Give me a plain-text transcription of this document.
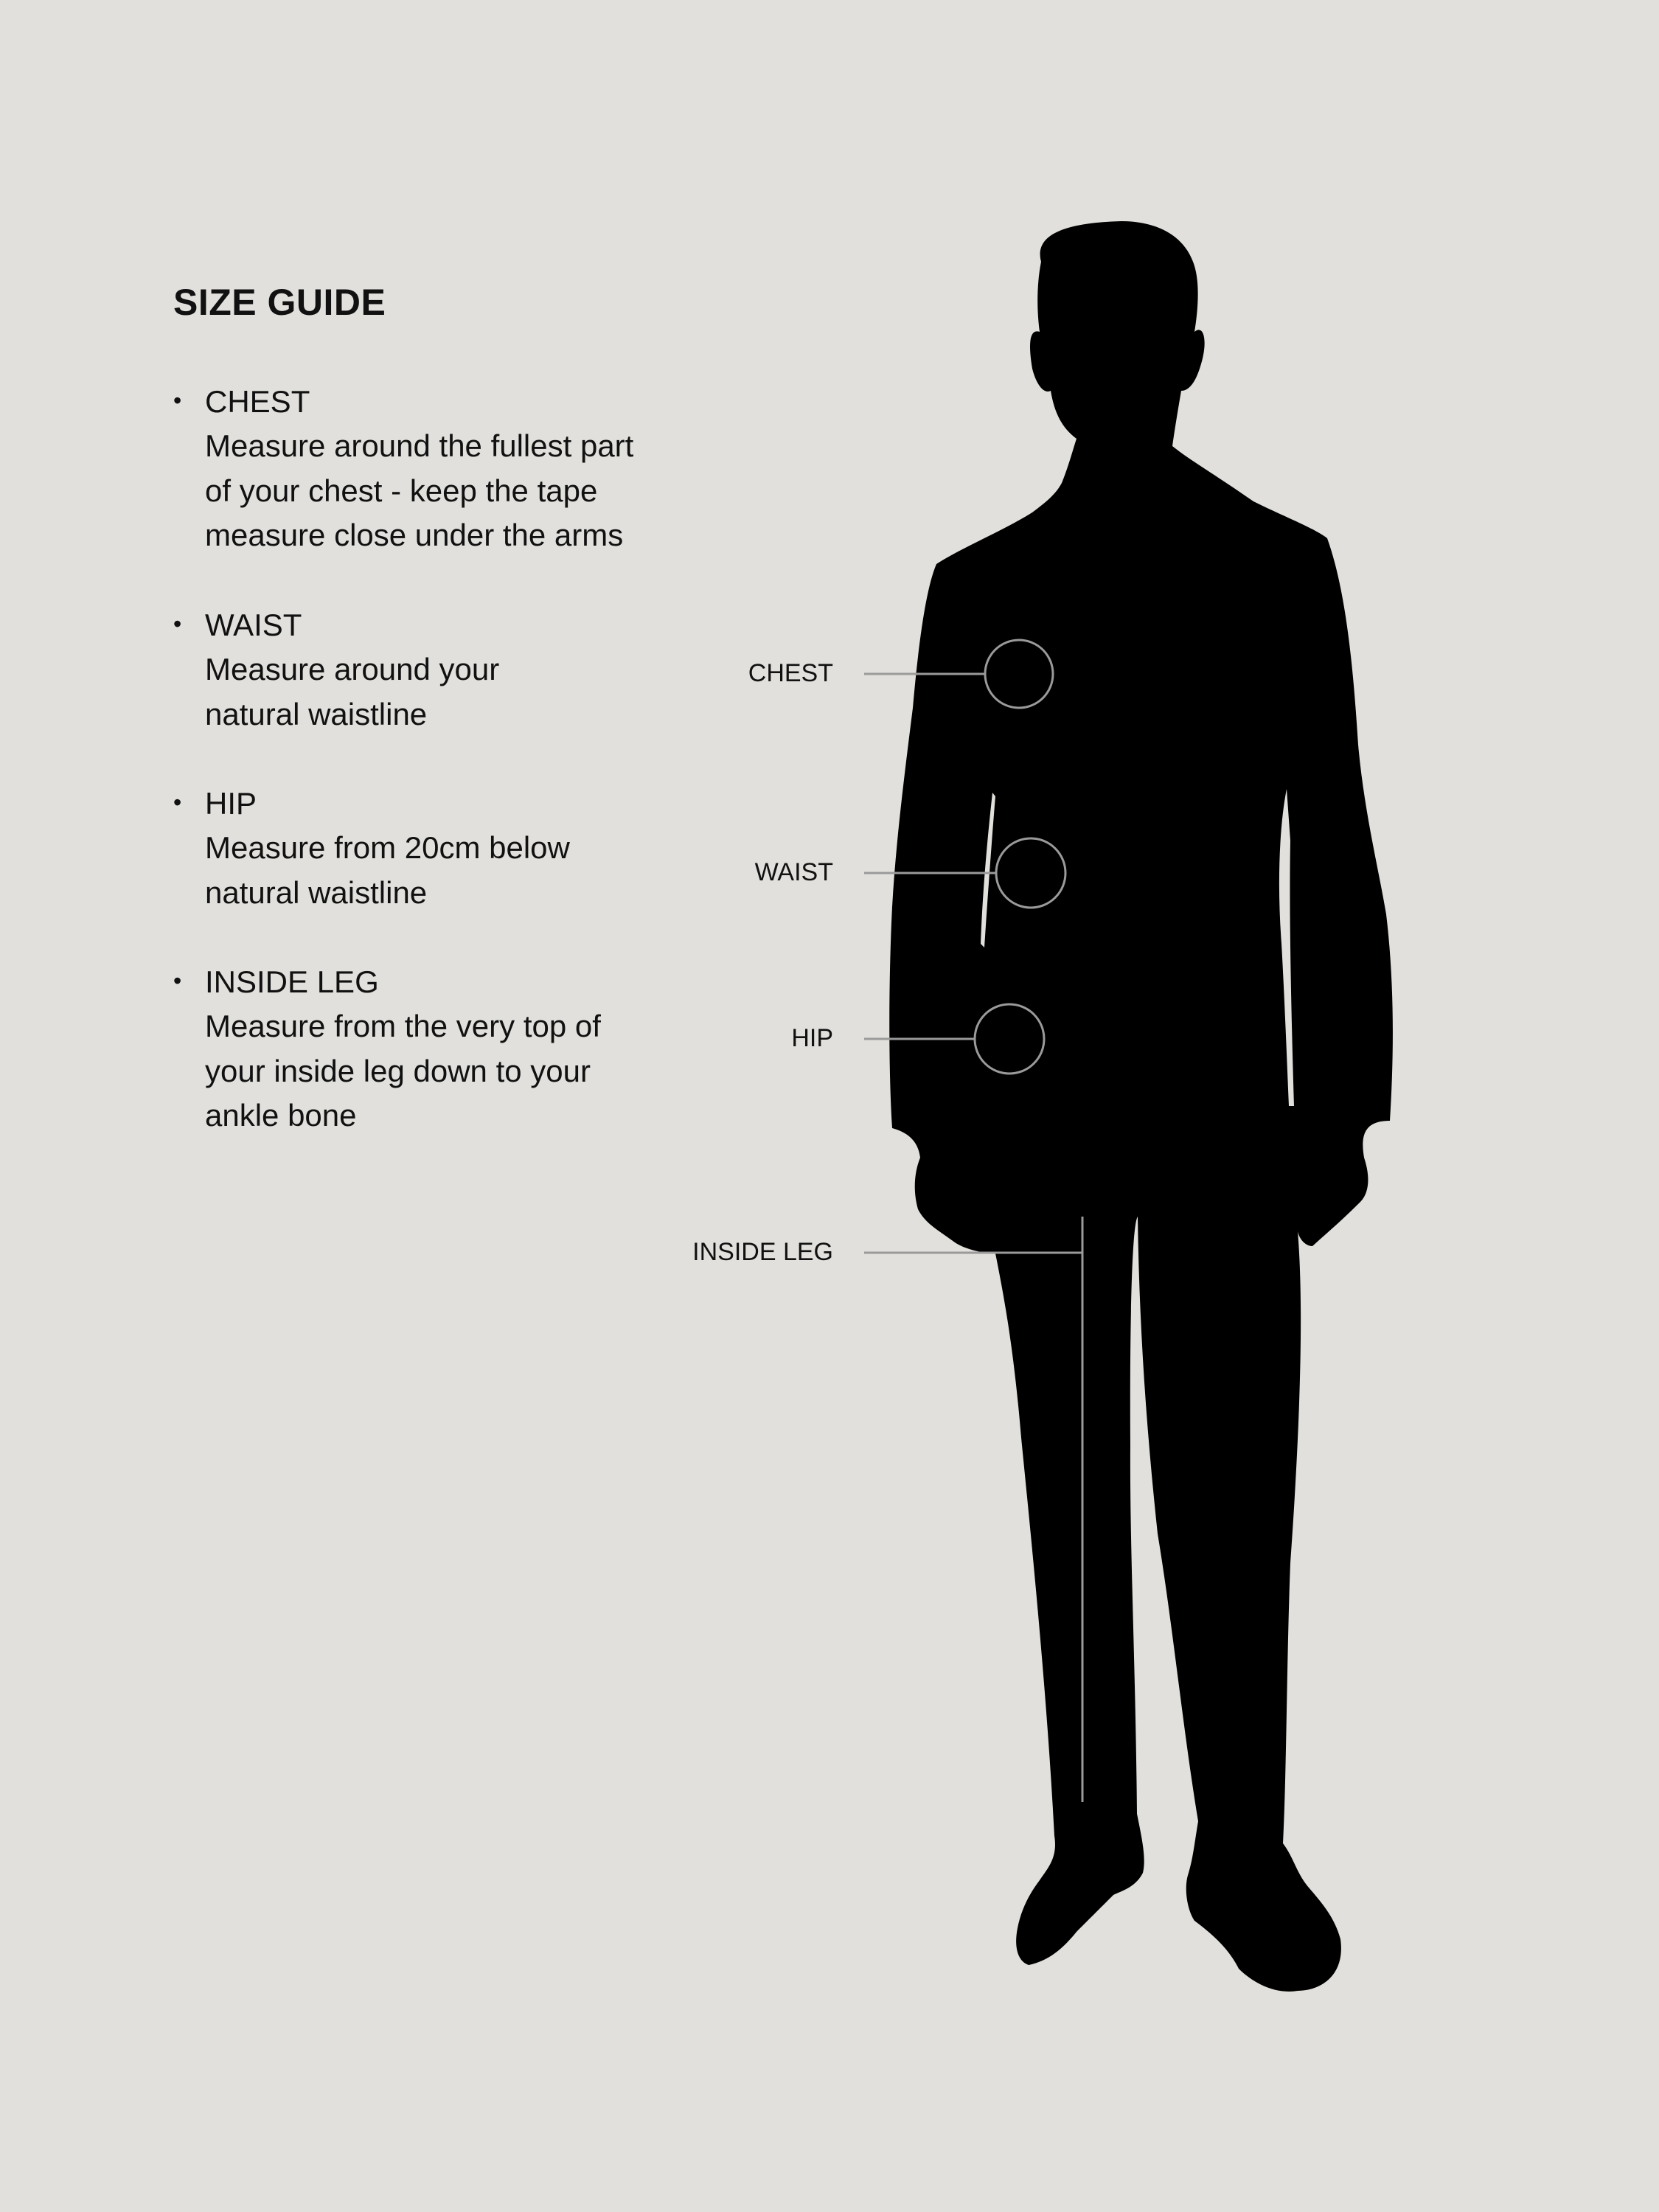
SIZE GUIDE
• CHEST
Measure around the fullest part
of your chest - keep the tape
measure close under the arms
• WAIST
Measure around your
natural waistline
• HIP
Measure from 20cm below
natural waistline
• INSIDE LEG
Measure from the very top of
your inside leg down to your
ankle bone
CHEST
WAIST
HIP
INSIDE LEG
